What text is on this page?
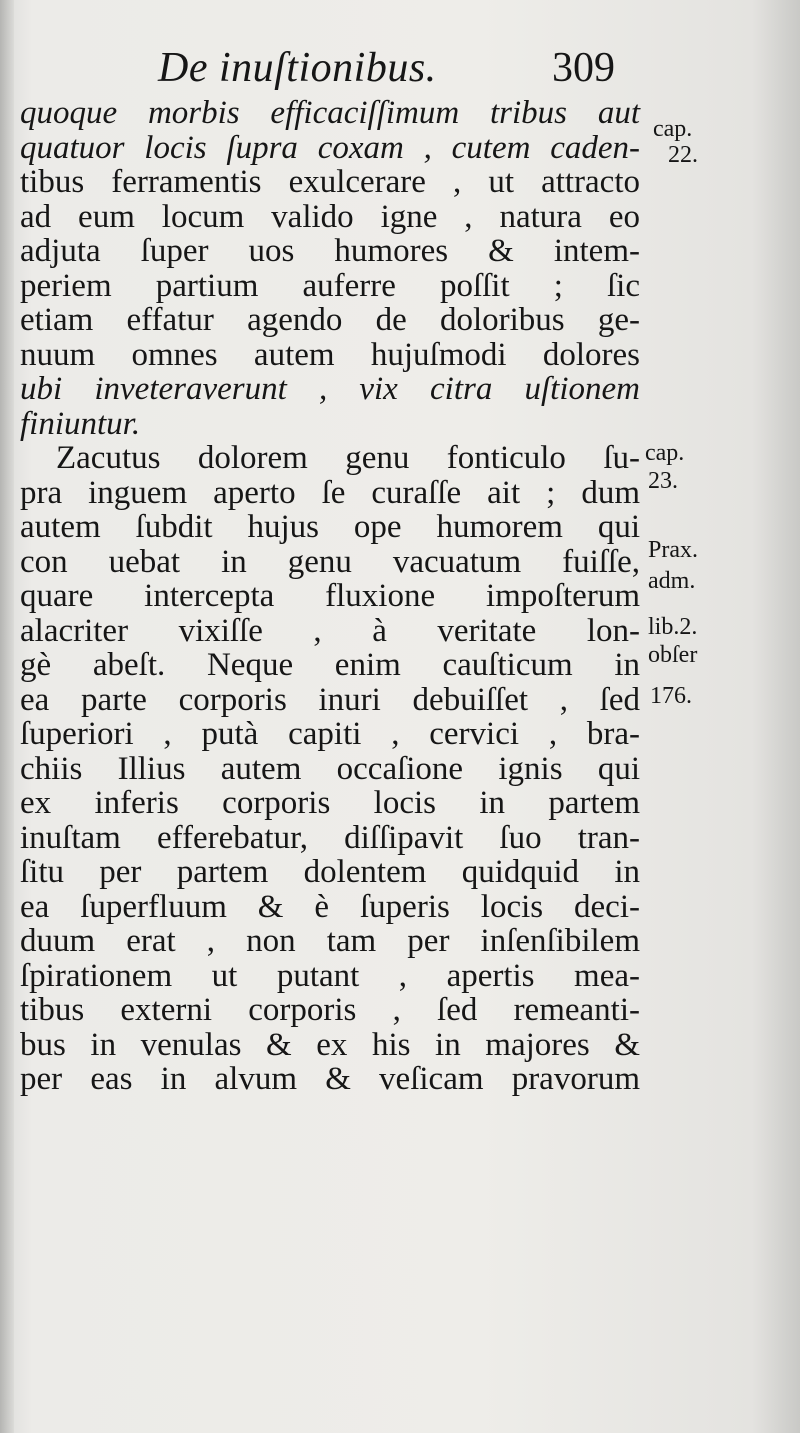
De inuſtionibus.	309
quoque morbis efficaciſſimum tribus aut
quatuor locis ſupra coxam , cutem caden-
tibus ferramentis exulcerare , ut attracto
ad eum locum valido igne , natura eo
adjuta ſuper uos humores & intem-
periem partium auferre poſſit ; ſic
etiam effatur agendo de doloribus ge-
nuum omnes autem hujuſmodi dolores
ubi inveteraverunt , vix citra uſtionem
finiuntur.
Zacutus dolorem genu fonticulo ſu-
pra inguem aperto ſe curaſſe ait ; dum
autem ſubdit hujus ope humorem qui
con uebat in genu vacuatum fuiſſe,
quare intercepta fluxione impoſterum
alacriter vixiſſe , à veritate lon-
gè abeſt. Neque enim cauſticum in
ea parte corporis inuri debuiſſet , ſed
ſuperiori , putà capiti , cervici , bra-
chiis Illius autem occaſione ignis qui
ex inferis corporis locis in partem
inuſtam efferebatur, diſſipavit ſuo tran-
ſitu per partem dolentem quidquid in
ea ſuperfluum & è ſuperis locis deci-
duum erat , non tam per inſenſibilem
ſpirationem ut putant , apertis mea-
tibus externi corporis , ſed remeanti-
bus in venulas & ex his in majores &
per eas in alvum & veſicam pravorum
cap.
22.
cap.
23.
Prax.
adm.
lib.2.
obſer
176.
